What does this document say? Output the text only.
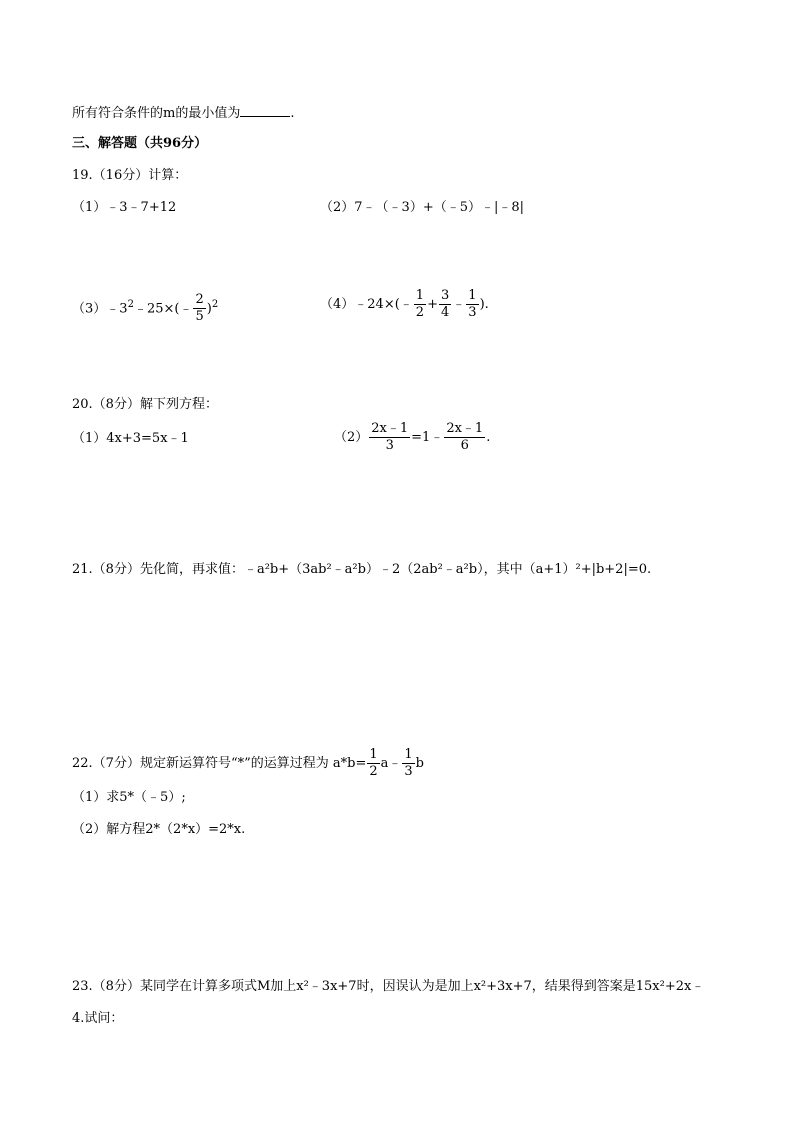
所有符合条件的m的最小值为	.
三、解答题（共96分）
19.（16分）计算：
（1）﹣3﹣7+12	（2）7﹣（﹣3）+（﹣5）﹣|﹣8|
$(3)﹣3^2﹣25\times(﹣ \frac{2}{5} )^2$	（4）﹣24×(﹣ $\frac{1}{2} + \frac{3}{4}$ ﹣ $\frac{1}{3}$ ).
20.（8分）解下列方程：
（1）4x+3=5x﹣1	$(2) \frac{2x﹣1}{3}$ =1﹣ $\frac{2x﹣1}{6}$ .
21.（8分）先化简，再求值：﹣a²b+（3ab²﹣a²b）﹣2（2ab²﹣a²b），其中（a+1）²+|b+2|=0.
22.（7分）规定新运算符号“*”的运算过程为 $a*b= \frac{1}{2}$ a﹣ $\frac{1}{3}$ b
（1）求5*（﹣5）;
（2）解方程2*（2*x）=2*x.
23.（8分）某同学在计算多项式M加上x²﹣3x+7时，因误认为是加上x²+3x+7，结果得到答案是15x²+2x﹣
4.试问：
